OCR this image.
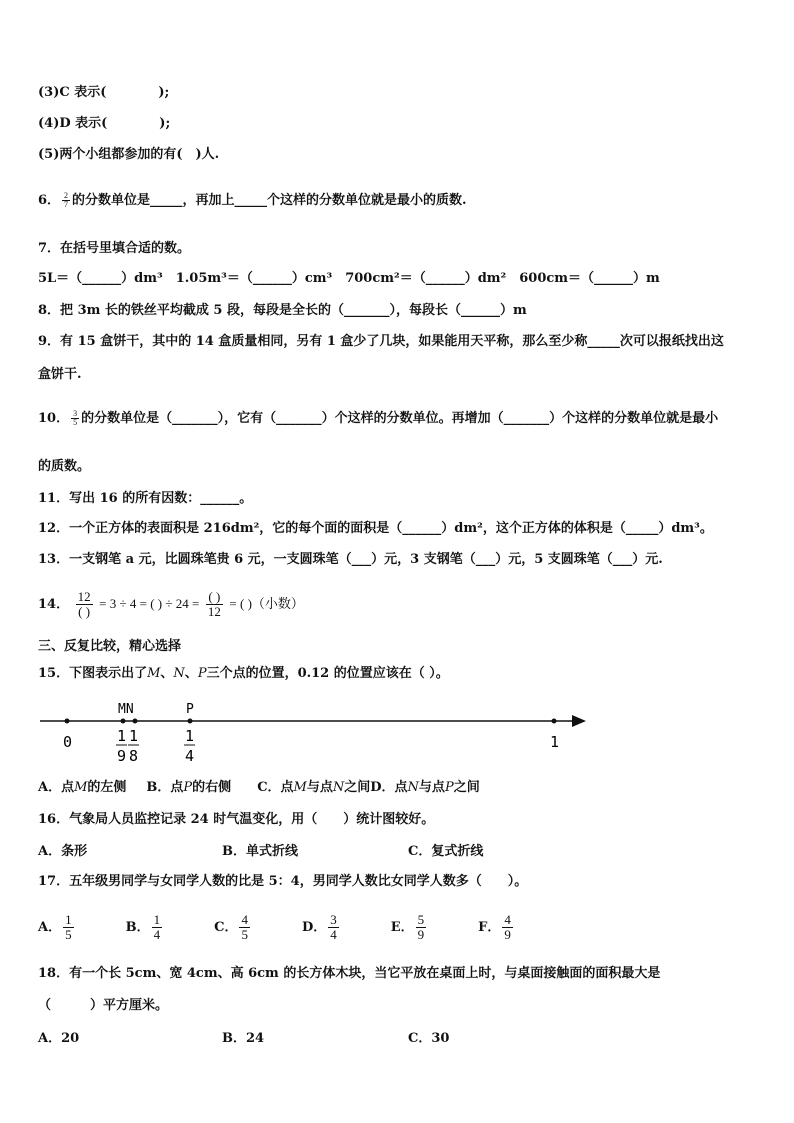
(3)C 表示(　　　　);
(4)D 表示(　　　　);
(5)两个小组都参加的有(　)人.
6． $\frac{2}{7}$ 的分数单位是_____，再加上_____个这样的分数单位就是最小的质数.
7．在括号里填合适的数。
5L＝（______）dm³　1.05m³＝（______）cm³　700cm²＝（______）dm²　600cm＝（______）m
8．把 3m 长的铁丝平均截成 5 段，每段是全长的（_______），每段长（______）m
9．有 15 盒饼干，其中的 14 盒质量相同，另有 1 盒少了几块，如果能用天平称，那么至少称_____次可以报纸找出这
盒饼干.
10． $\frac{3}{5}$ 的分数单位是（_______），它有（_______）个这样的分数单位。再增加（_______）个这样的分数单位就是最小
的质数。
11．写出 16 的所有因数：______。
12．一个正方体的表面积是 216dm²，它的每个面的面积是（______）dm²，这个正方体的体积是（_____）dm³。
13．一支钢笔 a 元，比圆珠笔贵 6 元，一支圆珠笔（___）元，3 支钢笔（___）元，5 支圆珠笔（___）元.
14． $\frac{12}{( )} = 3 \div 4$ = ( ) ÷ $24 = \frac{( )}{12}$ = ( )（小数）
三、反复比较，精心选择
15．下图表示出了M、N、P三个点的位置，0.12 的位置应该在（ ）。
MN	P
0	1
1
9
1
8
1
4
A．点M的左侧 B．点P的右侧 C．点M与点N之间D．点N与点P之间
16．气象局人员监控记录 24 时气温变化，用（　　）统计图较好。
A．条形	B．单式折线	C．复式折线
17．五年级男同学与女同学人数的比是 5：4，男同学人数比女同学人数多（　　）。
A． $\frac{1}{5}$	B． $\frac{1}{4}$	C． $\frac{4}{5}$	D． $\frac{3}{4}$	E． $\frac{5}{9}$	F． $\frac{4}{9}$
18．有一个长 5cm、宽 4cm、高 6cm 的长方体木块，当它平放在桌面上时，与桌面接触面的面积最大是
（　　　）平方厘米。
A．20	B．24	C．30
